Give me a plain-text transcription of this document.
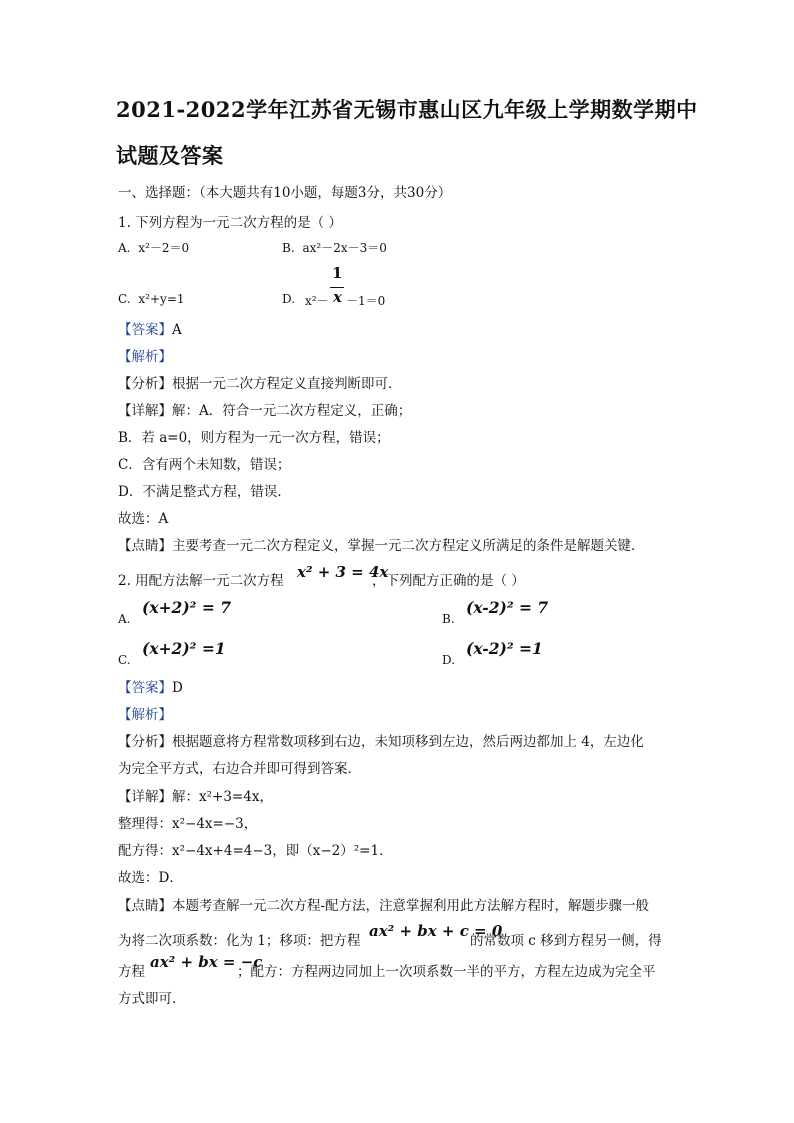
2021-2022学年江苏省无锡市惠山区九年级上学期数学期中
试题及答案
一、选择题：（本大题共有10小题，每题3分，共30分）
1. 下列方程为一元二次方程的是（ ）
A. x²－2＝0	B. ax²－2x－3＝0
C. x²+y=1	D. x²－
1
x －1＝0
【答案】A
【解析】
【分析】根据一元二次方程定义直接判断即可．
【详解】解：A．符合一元二次方程定义，正确；
B．若 a=0，则方程为一元一次方程，错误；
C．含有两个未知数，错误；
D．不满足整式方程，错误．
故选：A
【点睛】主要考查一元二次方程定义，掌握一元二次方程定义所满足的条件是解题关键．
2. 用配方法解一元二次方程 x² + 3 = 4x
，下列配方正确的是（ ）
A.
(x+2)² = 7
B.
(x-2)² = 7
C.
(x+2)² =1
D.
(x-2)² =1
【答案】D
【解析】
【分析】根据题意将方程常数项移到右边，未知项移到左边，然后两边都加上 4，左边化
为完全平方式，右边合并即可得到答案．
【详解】解：x²+3=4x，
整理得：x²−4x=−3，
配方得：x²−4x+4=4−3，即（x−2）²=1．
故选：D．
【点睛】本题考查解一元二次方程-配方法，注意掌握利用此方法解方程时，解题步骤一般
为将二次项系数：化为 1；移项：把方程
ax² + bx + c = 0
的常数项 c 移到方程另一侧，得
方程
ax² + bx = −c
；配方：方程两边同加上一次项系数一半的平方，方程左边成为完全平
方式即可．
